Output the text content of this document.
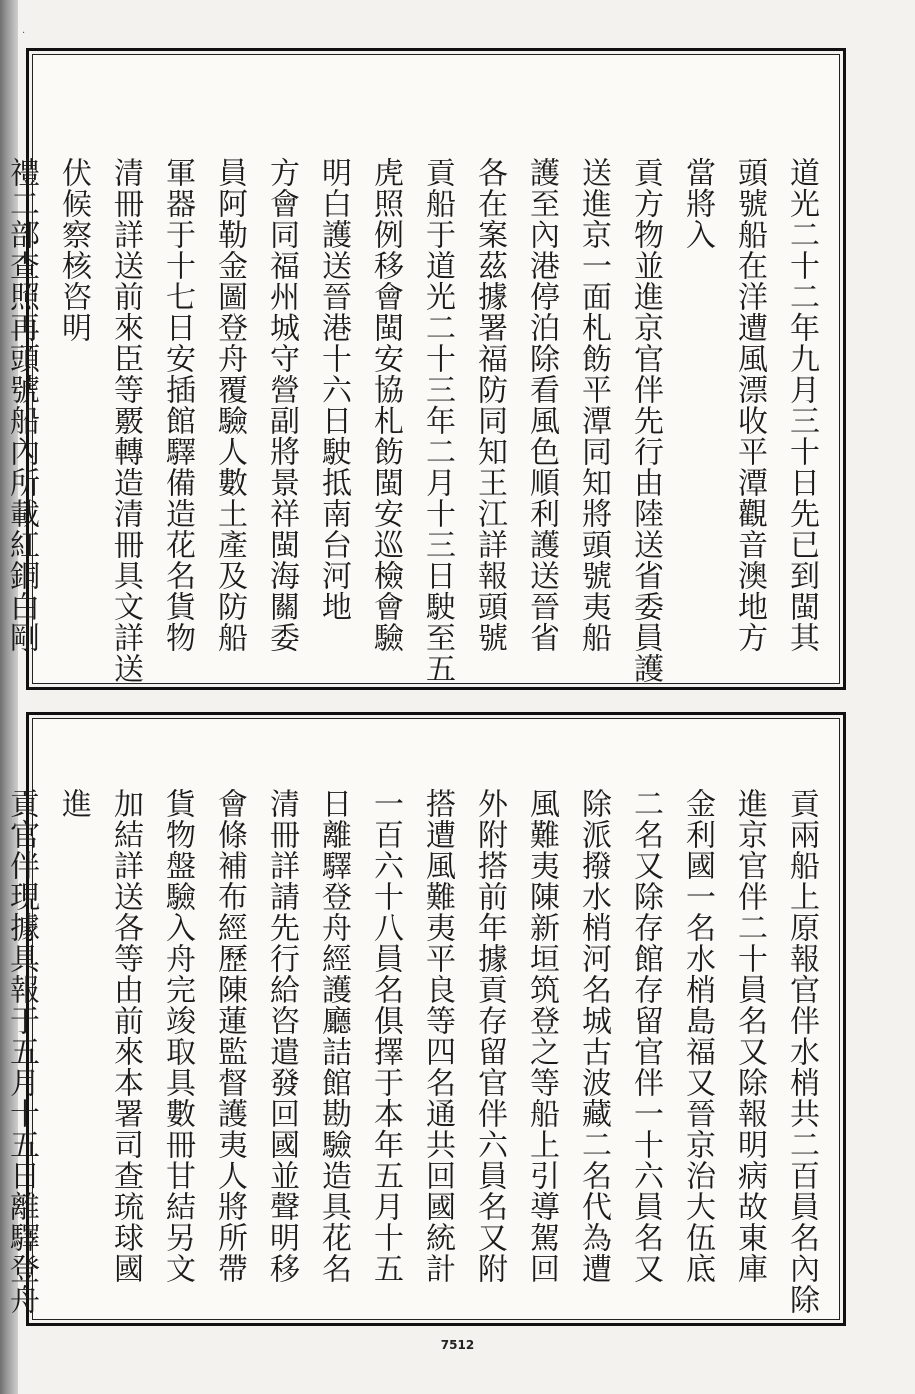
·
道光二十二年九月三十日先已到閩其
頭號船在洋遭風漂收平潭觀音澳地方
當將入
貢方物並進京官伴先行由陸送省委員護
送進京一面札飭平潭同知將頭號夷船
護至內港停泊除看風色順利護送晉省
各在案茲據署福防同知王江詳報頭號
貢船于道光二十三年二月十三日駛至五
虎照例移會閩安協札飭閩安巡檢會驗
明白護送晉港十六日駛抵南台河地
方會同福州城守營副將景祥閩海關委
員阿勒金圖登舟覆驗人數土產及防船
軍器于十七日安插館驛備造花名貨物
清冊詳送前來臣等覈轉造清冊具文詳送
伏候察核咨明
禮二部查照再頭號船內所載紅銅白剛
貢兩船上原報官伴水梢共二百員名內除
進京官伴二十員名又除報明病故東庫
金利國一名水梢島福又晉京治大伍底
二名又除存館存留官伴一十六員名又
除派撥水梢河名城古波藏二名代為遭
風難夷陳新垣筑登之等船上引導駕回
外附搭前年據貢存留官伴六員名又附
搭遭風難夷平良等四名通共回國統計
一百六十八員名俱擇于本年五月十五
日離驛登舟經護廳詰館勘驗造具花名
清冊詳請先行給咨遣發回國並聲明移
會條補布經歷陳蓮監督護夷人將所帶
貨物盤驗入舟完竣取具數冊甘結另文
加結詳送各等由前來本署司查琉球國
進
貢官伴現據具報于五月十五日離驛登舟
7512
